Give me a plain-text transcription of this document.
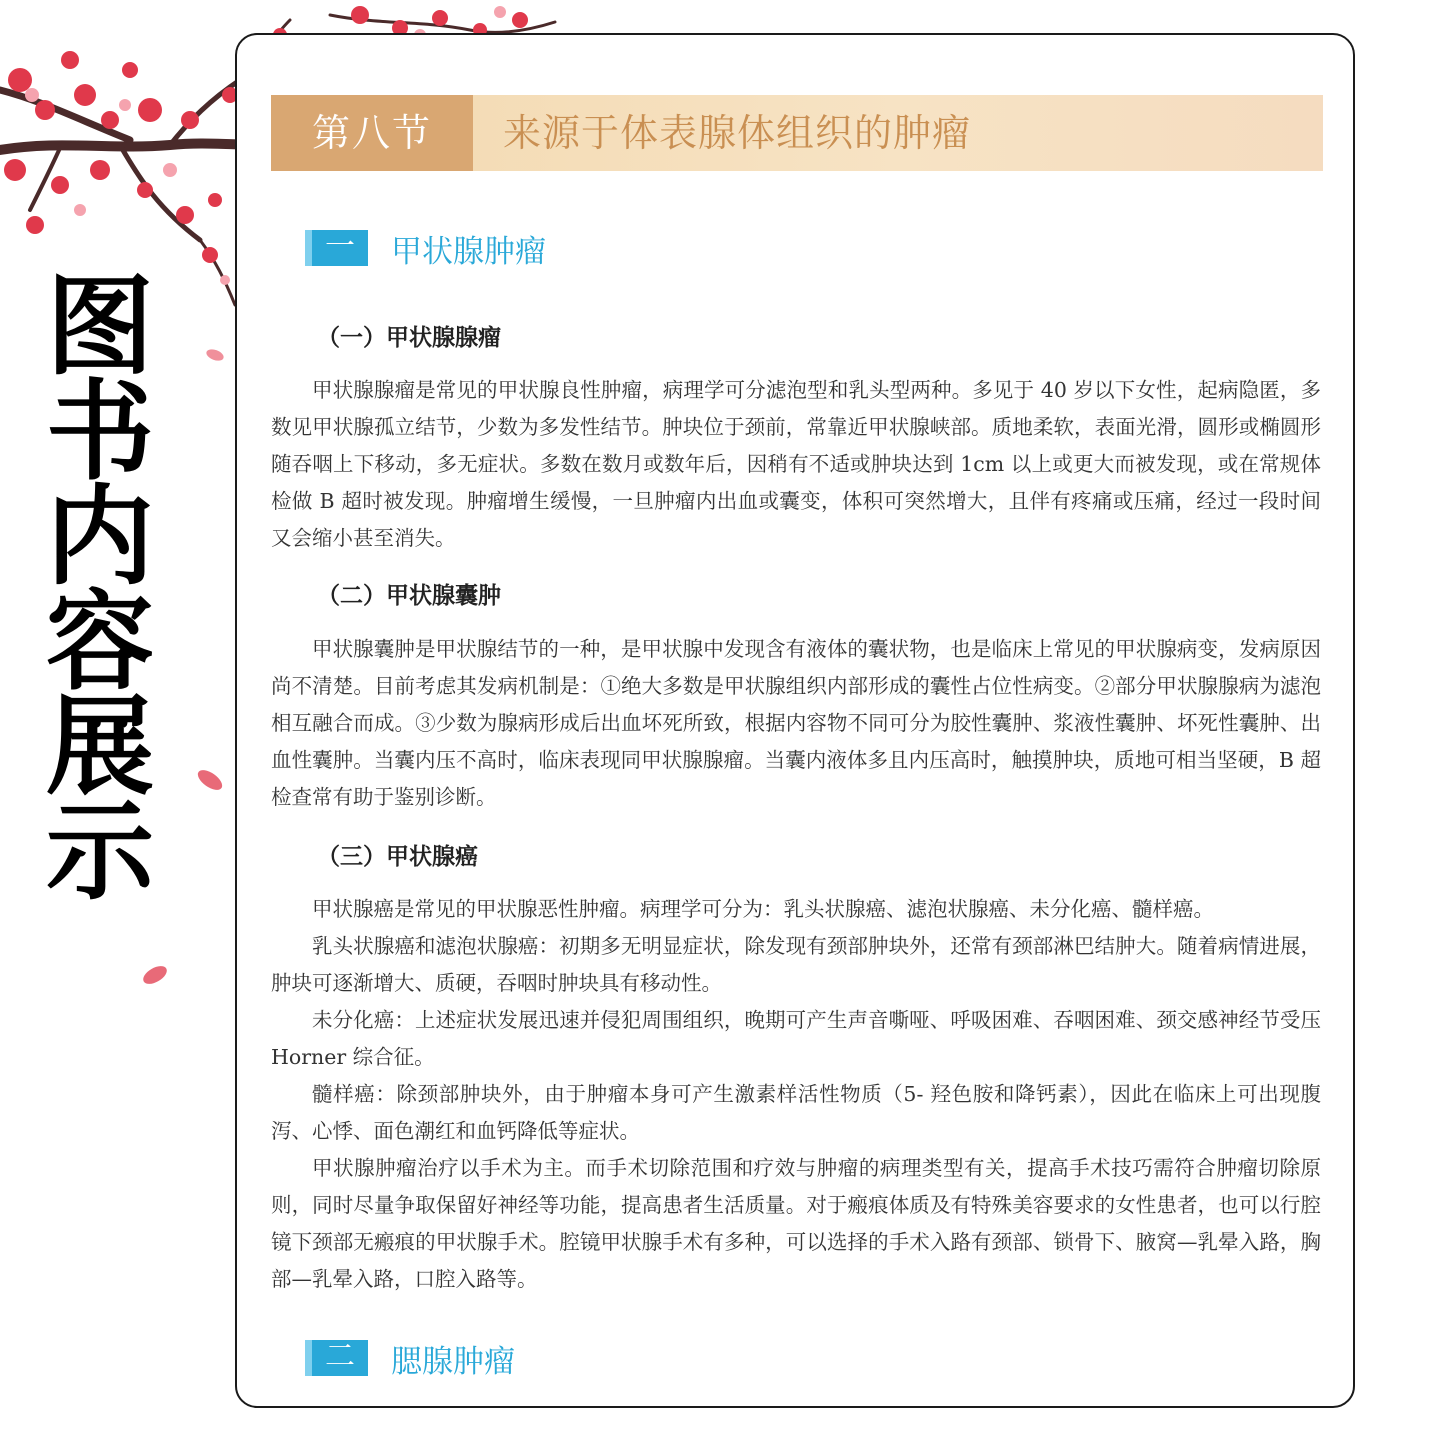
图
书
内
容
展
示
第八节	来源于体表腺体组织的肿瘤
一	甲状腺肿瘤
（一）甲状腺腺瘤
甲状腺腺瘤是常见的甲状腺良性肿瘤，病理学可分滤泡型和乳头型两种。多见于 40 岁以下女性，起病隐匿，多数见甲状腺孤立结节，少数为多发性结节。肿块位于颈前，常靠近甲状腺峡部。质地柔软，表面光滑，圆形或椭圆形随吞咽上下移动，多无症状。多数在数月或数年后，因稍有不适或肿块达到 1cm 以上或更大而被发现，或在常规体检做 B 超时被发现。肿瘤增生缓慢，一旦肿瘤内出血或囊变，体积可突然增大，且伴有疼痛或压痛，经过一段时间又会缩小甚至消失。
（二）甲状腺囊肿
甲状腺囊肿是甲状腺结节的一种，是甲状腺中发现含有液体的囊状物，也是临床上常见的甲状腺病变，发病原因尚不清楚。目前考虑其发病机制是：①绝大多数是甲状腺组织内部形成的囊性占位性病变。②部分甲状腺腺病为滤泡相互融合而成。③少数为腺病形成后出血坏死所致，根据内容物不同可分为胶性囊肿、浆液性囊肿、坏死性囊肿、出血性囊肿。当囊内压不高时，临床表现同甲状腺腺瘤。当囊内液体多且内压高时，触摸肿块，质地可相当坚硬，B 超检查常有助于鉴别诊断。
（三）甲状腺癌
甲状腺癌是常见的甲状腺恶性肿瘤。病理学可分为：乳头状腺癌、滤泡状腺癌、未分化癌、髓样癌。
乳头状腺癌和滤泡状腺癌：初期多无明显症状，除发现有颈部肿块外，还常有颈部淋巴结肿大。随着病情进展，肿块可逐渐增大、质硬，吞咽时肿块具有移动性。
未分化癌：上述症状发展迅速并侵犯周围组织，晚期可产生声音嘶哑、呼吸困难、吞咽困难、颈交感神经节受压 Horner 综合征。
髓样癌：除颈部肿块外，由于肿瘤本身可产生激素样活性物质（5- 羟色胺和降钙素），因此在临床上可出现腹泻、心悸、面色潮红和血钙降低等症状。
甲状腺肿瘤治疗以手术为主。而手术切除范围和疗效与肿瘤的病理类型有关，提高手术技巧需符合肿瘤切除原则，同时尽量争取保留好神经等功能，提高患者生活质量。对于瘢痕体质及有特殊美容要求的女性患者，也可以行腔镜下颈部无瘢痕的甲状腺手术。腔镜甲状腺手术有多种，可以选择的手术入路有颈部、锁骨下、腋窝—乳晕入路，胸部—乳晕入路，口腔入路等。
二	腮腺肿瘤
